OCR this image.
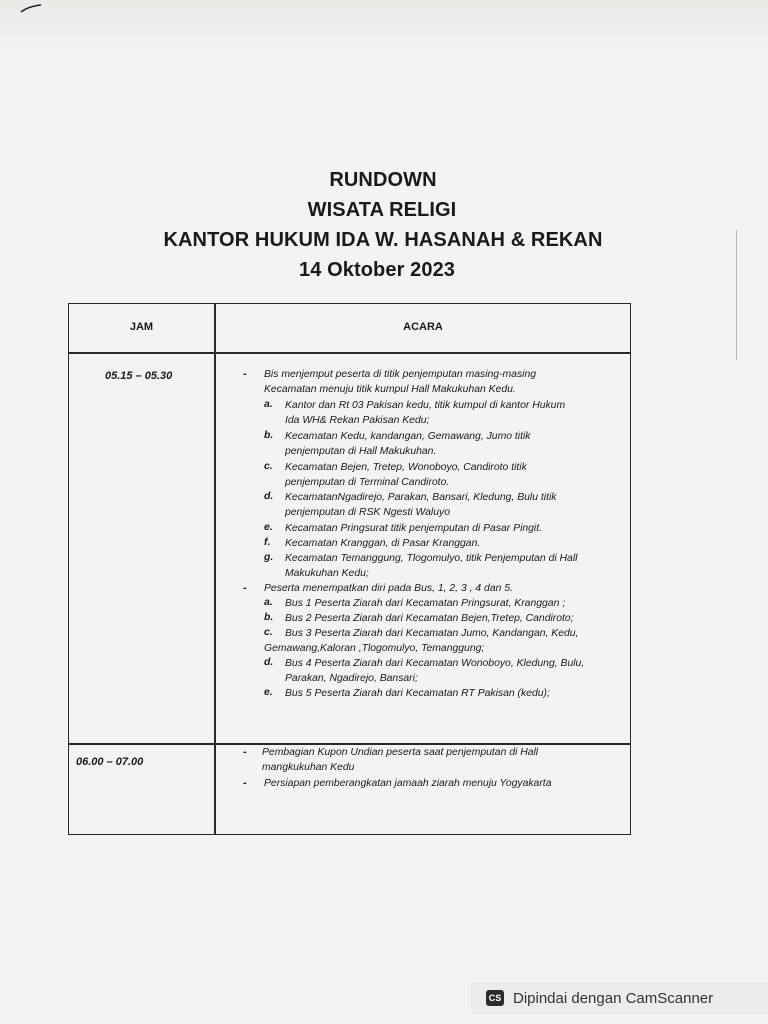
RUNDOWN
WISATA RELIGI
KANTOR HUKUM IDA W. HASANAH & REKAN
14 Oktober 2023
JAM	ACARA
05.15 – 05.30	- Bis menjemput peserta di titik penjemputan masing-masing
Kecamatan menuju titik kumpul Hall Makukuhan Kedu.
a. Kantor dan Rt 03 Pakisan kedu, titik kumpul di kantor Hukum
Ida WH& Rekan Pakisan Kedu;
b. Kecamatan Kedu, kandangan, Gemawang, Jumo titik
penjemputan di Hall Makukuhan.
c. Kecamatan Bejen, Tretep, Wonoboyo, Candiroto titik
penjemputan di Terminal Candiroto.
d. KecamatanNgadirejo, Parakan, Bansari, Kledung, Bulu titik
penjemputan di RSK Ngesti Waluyo
e. Kecamatan Pringsurat titik penjemputan di Pasar Pingit.
f. Kecamatan Kranggan, di Pasar Kranggan.
g. Kecamatan Temanggung, Tlogomulyo, titik Penjemputan di Hall
Makukuhan Kedu;
- Peserta menempatkan diri pada Bus, 1, 2, 3 , 4 dan 5.
a. Bus 1 Peserta Ziarah dari Kecamatan Pringsurat, Kranggan ;
b. Bus 2 Peserta Ziarah dari Kecamatan Bejen,Tretep, Candiroto;
c. Bus 3 Peserta Ziarah dari Kecamatan Jumo, Kandangan, Kedu,
Gemawang,Kaloran ,Tlogomulyo, Temanggung;
d. Bus 4 Peserta Ziarah dari Kecamatan Wonoboyo, Kledung, Bulu,
Parakan, Ngadirejo, Bansari;
e. Bus 5 Peserta Ziarah dari Kecamatan RT Pakisan (kedu);
06.00 – 07.00
- Pembagian Kupon Undian peserta saat penjemputan di Hall
mangkukuhan Kedu
- Persiapan pemberangkatan jamaah ziarah menuju Yogyakarta
CS Dipindai dengan CamScanner
